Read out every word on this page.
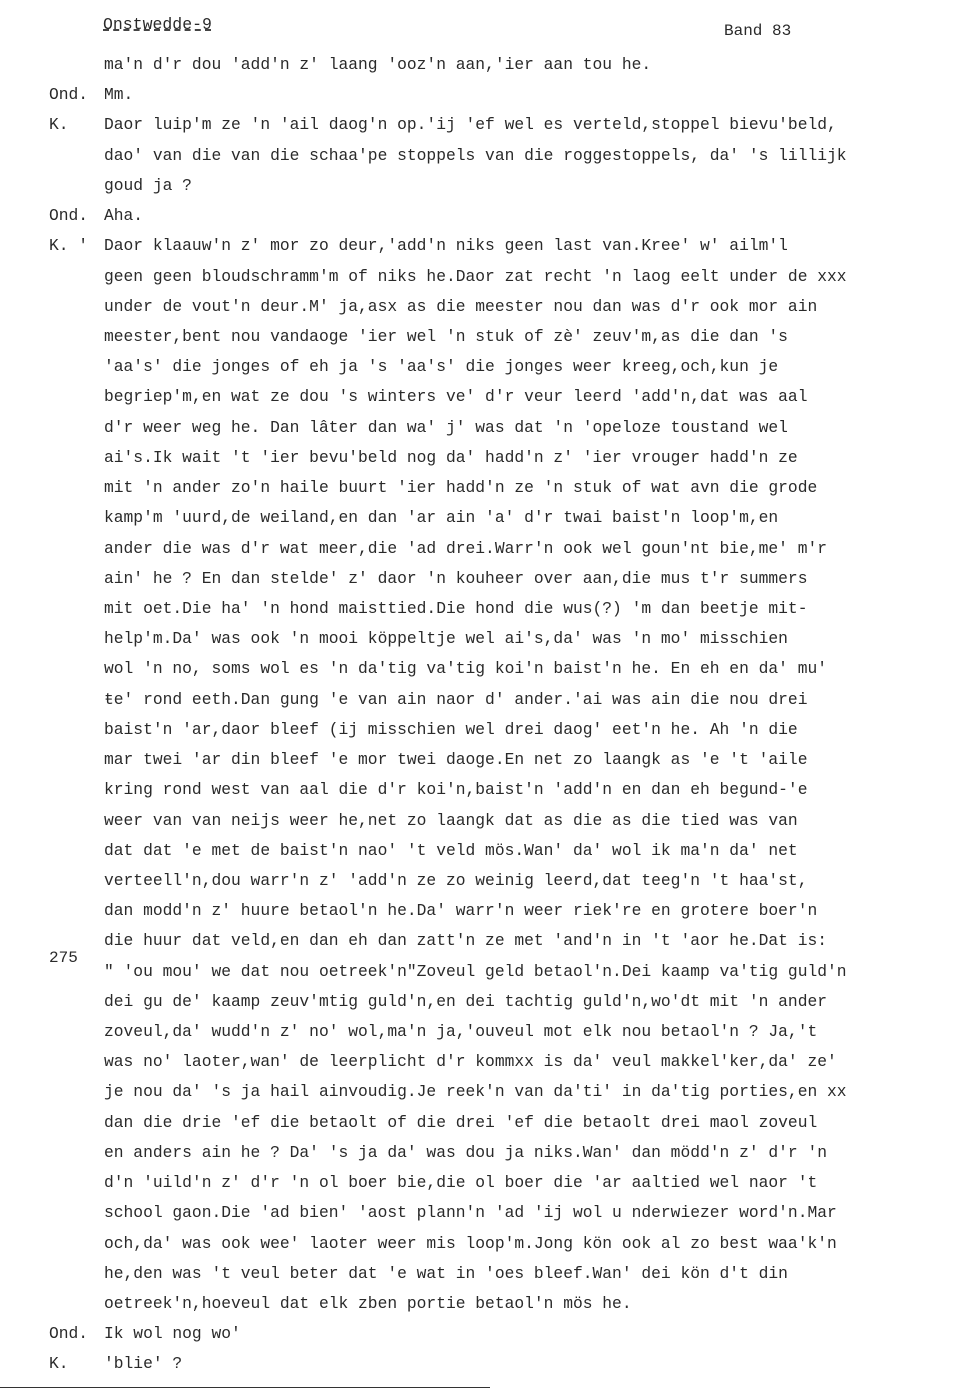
Onstwedde-9	Band 83
ma'n d'r dou 'add'n z' laang 'ooz'n aan,'ier aan tou he.
Ond. Mm.
K. Daor luip'm ze 'n 'ail daog'n op.'ij 'ef wel es verteld,stoppel bievu'beld,
dao' van die van die schaa'pe stoppels van die roggestoppels, da' 's lillijk
goud ja ?
Ond. Aha.
K. ' Daor klaauw'n z' mor zo deur,'add'n niks geen last van.Kree' w' ailm'l
geen geen bloudschramm'm of niks he.Daor zat recht 'n laog eelt under de xxx
under de vout'n deur.M' ja,asx as die meester nou dan was d'r ook mor ain
meester,bent nou vandaoge 'ier wel 'n stuk of zè' zeuv'm,as die dan 's
'aa's' die jonges of eh ja 's 'aa's' die jonges weer kreeg,och,kun je
begriep'm,en wat ze dou 's winters ve' d'r veur leerd 'add'n,dat was aal
d'r weer weg he. Dan lâter dan wa' j' was dat 'n 'opeloze toustand wel
ai's.Ik wait 't 'ier bevu'beld nog da' hadd'n z' 'ier vrouger hadd'n ze
mit 'n ander zo'n haile buurt 'ier hadd'n ze 'n stuk of wat avn die grode
kamp'm 'uurd,de weiland,en dan 'ar ain 'a' d'r twai baist'n loop'm,en
ander die was d'r wat meer,die 'ad drei.Warr'n ook wel goun'nt bie,me' m'r
ain' he ? En dan stelde' z' daor 'n kouheer over aan,die mus t'r summers
mit oet.Die ha' 'n hond maisttied.Die hond die wus(?) 'm dan beetje mit-
help'm.Da' was ook 'n mooi köppeltje wel ai's,da' was 'n mo' misschien
wol 'n no, soms wol es 'n da'tig va'tig koi'n baist'n he. En eh en da' mu'
ŧe' rond eeth.Dan gung 'e van ain naor d' ander.'ai was ain die nou drei
baist'n 'ar,daor bleef (ij misschien wel drei daog' eet'n he. Ah 'n die
mar twei 'ar din bleef 'e mor twei daoge.En net zo laangk as 'e 't 'aile
kring rond west van aal die d'r koi'n,baist'n 'add'n en dan eh begund-'e
weer van van neijs weer he,net zo laangk dat as die as die tied was van
dat dat 'e met de baist'n nao' 't veld mös.Wan' da' wol ik ma'n da' net
verteell'n,dou warr'n z' 'add'n ze zo weinig leerd,dat teeg'n 't haa'st,
dan modd'n z' huure betaol'n he.Da' warr'n weer riek're en grotere boer'n
die huur dat veld,en dan eh dan zatt'n ze met 'and'n in 't 'aor he.Dat is:
" 'ou mou' we dat nou oetreek'n"Zoveul geld betaol'n.Dei kaamp va'tig guld'n
dei gu de' kaamp zeuv'mtig guld'n,en dei tachtig guld'n,wo'dt mit 'n ander
zoveul,da' wudd'n z' no' wol,ma'n ja,'ouveul mot elk nou betaol'n ? Ja,'t
was no' laoter,wan' de leerplicht d'r kommxx is da' veul makkel'ker,da' ze'
je nou da' 's ja hail ainvoudig.Je reek'n van da'ti' in da'tig porties,en xx
dan die drie 'ef die betaolt of die drei 'ef die betaolt drei maol zoveul
en anders ain he ? Da' 's ja da' was dou ja niks.Wan' dan mödd'n z' d'r 'n
d'n 'uild'n z' d'r 'n ol boer bie,die ol boer die 'ar aaltied wel naor 't
school gaon.Die 'ad bien' 'aost plann'n 'ad 'ij wol u nderwiezer word'n.Mar
och,da' was ook wee' laoter weer mis loop'm.Jong kön ook al zo best waa'k'n
he,den was 't veul beter dat 'e wat in 'oes bleef.Wan' dei kön d't din
oetreek'n,hoeveul dat elk zben portie betaol'n mös he.
Ond. Ik wol nog wo'
K. 'blie' ?
275
